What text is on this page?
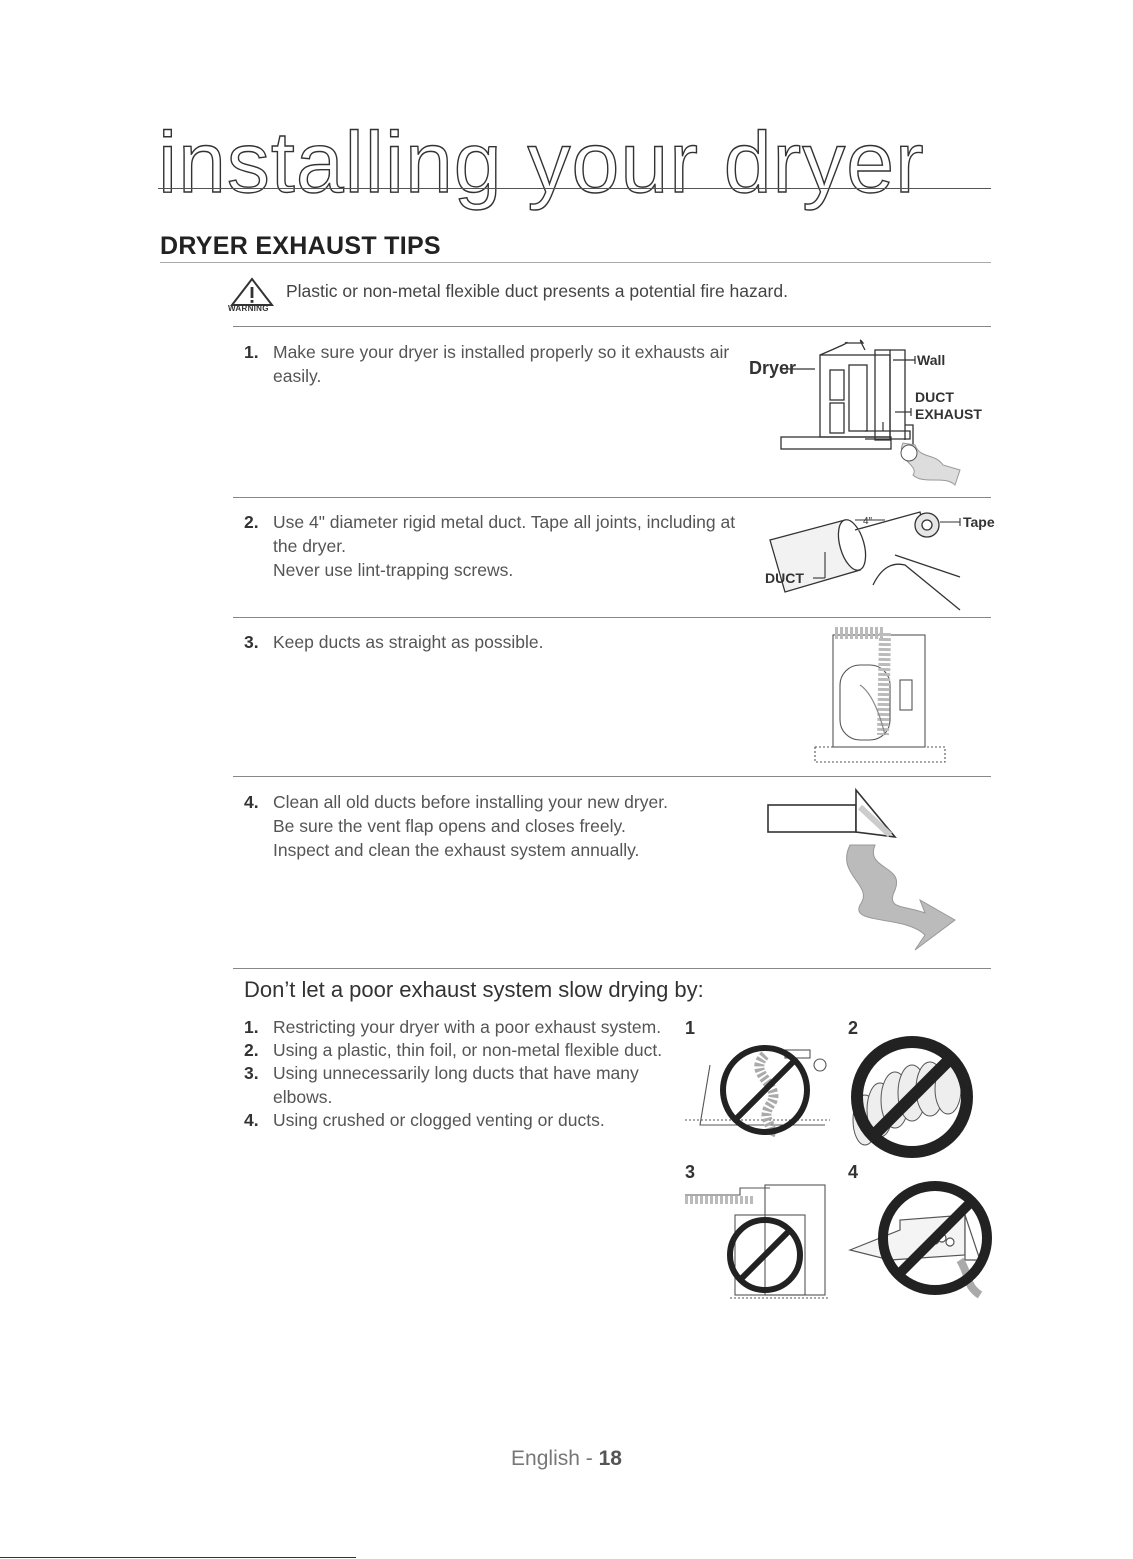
installing your dryer
DRYER EXHAUST TIPS
WARNING
Plastic or non-metal flexible duct presents a potential fire hazard.
1. Make sure your dryer is installed properly so it exhausts air
easily.	Dryer	Wall
DUCT
EXHAUST
2. Use 4" diameter rigid metal duct. Tape all joints, including at
the dryer.
Never use lint-trapping screws.
4"	Tape
DUCT
3. Keep ducts as straight as possible.
4. Clean all old ducts before installing your new dryer.
Be sure the vent flap opens and closes freely.
Inspect and clean the exhaust system annually.
Don’t let a poor exhaust system slow drying by:
1. Restricting your dryer with a poor exhaust system.
2. Using a plastic, thin foil, or non-metal flexible duct.
3. Using unnecessarily long ducts that have many
elbows.
4. Using crushed or clogged venting or ducts.
1	2
3	4
English - 18
